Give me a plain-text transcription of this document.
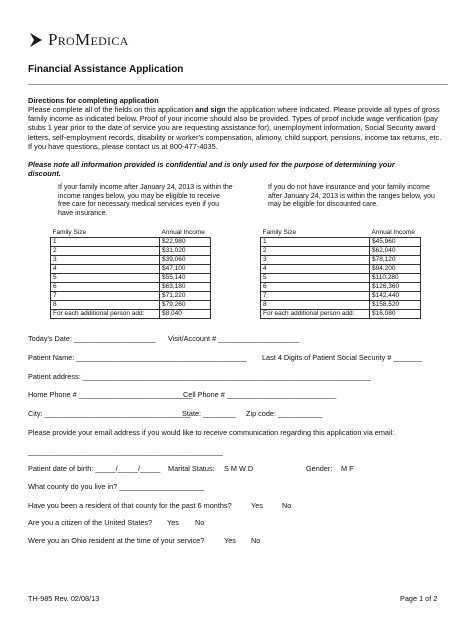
ProMedica
Financial Assistance Application
Directions for completing application
Please complete all of the fields on this application and sign the application where indicated. Please provide all types of gross family income as indicated below. Proof of your income should also be provided. Types of proof include wage verification (pay stubs 1 year prior to the date of service you are requesting assistance for), unemployment information, Social Security award letters, self-employment records, disability or worker's compensation, alimony, child support, pensions, income tax returns, etc. If you have questions, please contact us at 800-477-4035.
Please note all information provided is confidential and is only used for the purpose of determining your discount.
If your family income after January 24, 2013 is within the income ranges below, you may be eligible to receive free care for necessary medical services even if you have insurance.
Family Size	Annual Income
1	$22,980
2	$31,020
3	$39,060
4	$47,100
5	$55,140
6	$63,180
7	$71,220
8	$79,260
For each additional person add:	$8,040
If you do not have insurance and your family income after January 24, 2013 is within the ranges below, you may be eligible for discounted care.
Family Size	Annual Income
1	$45,960
2	$62,040
3	$78,120
4	$94,200
5	$110,280
6	$126,360
7	$142,440
8	$158,520
For each additional person add:	$16,080
Today's Date: ____________________ Visit/Account # ____________________
Patient Name: __________________________________________ Last 4 Digits of Patient Social Security # _______
Patient address: _______________________________________________________________________
Home Phone # ____________________________
Cell Phone # ___________________________
City: ____________________________________
State: ________ Zip code: ___________
Please provide your email address if you would like to receive communication regarding this application via email:
________________________________________________
Patient date of birth: _____/_____/_____ Marital Status: S M W D	Gender: M F
What county do you live in? _____________________
Have you been a resident of that county for the past 6 months?	Yes	No
Are you a citizen of the United States? Yes No
Were you an Ohio resident at the time of your service?	Yes No
TH-985 Rev. 02/08/13	Page 1 of 2
